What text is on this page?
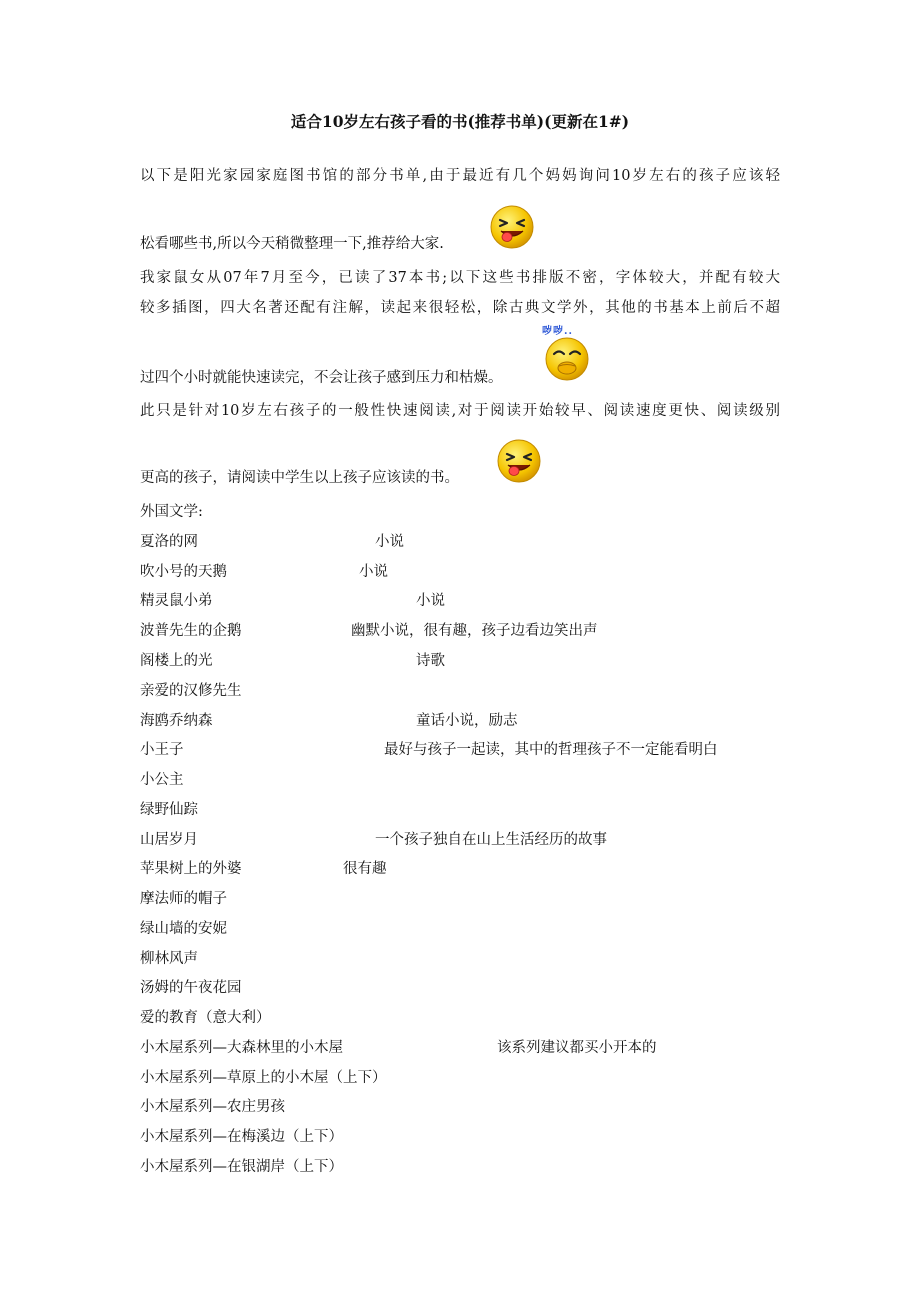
适合10岁左右孩子看的书(推荐书单)(更新在1#)
以下是阳光家园家庭图书馆的部分书单,由于最近有几个妈妈询问10岁左右的孩子应该轻
松看哪些书,所以今天稍微整理一下,推荐给大家.
我家鼠女从07年7月至今，已读了37本书;以下这些书排版不密，字体较大，并配有较大
较多插图，四大名著还配有注解，读起来很轻松，除古典文学外，其他的书基本上前后不超
过四个小时就能快速读完，不会让孩子感到压力和枯燥。
此只是针对10岁左右孩子的一般性快速阅读,对于阅读开始较早、阅读速度更快、阅读级别
更高的孩子，请阅读中学生以上孩子应该读的书。
哕哕..
外国文学:
夏洛的网	小说
吹小号的天鹅	小说
精灵鼠小弟	小说
波普先生的企鹅	幽默小说，很有趣，孩子边看边笑出声
阁楼上的光	诗歌
亲爱的汉修先生
海鸥乔纳森	童话小说，励志
小王子	最好与孩子一起读，其中的哲理孩子不一定能看明白
小公主
绿野仙踪
山居岁月	一个孩子独自在山上生活经历的故事
苹果树上的外婆	很有趣
摩法师的帽子
绿山墙的安妮
柳林风声
汤姆的午夜花园
爱的教育（意大利）
小木屋系列—大森林里的小木屋	该系列建议都买小开本的
小木屋系列—草原上的小木屋（上下）
小木屋系列—农庄男孩
小木屋系列—在梅溪边（上下）
小木屋系列—在银湖岸（上下）
